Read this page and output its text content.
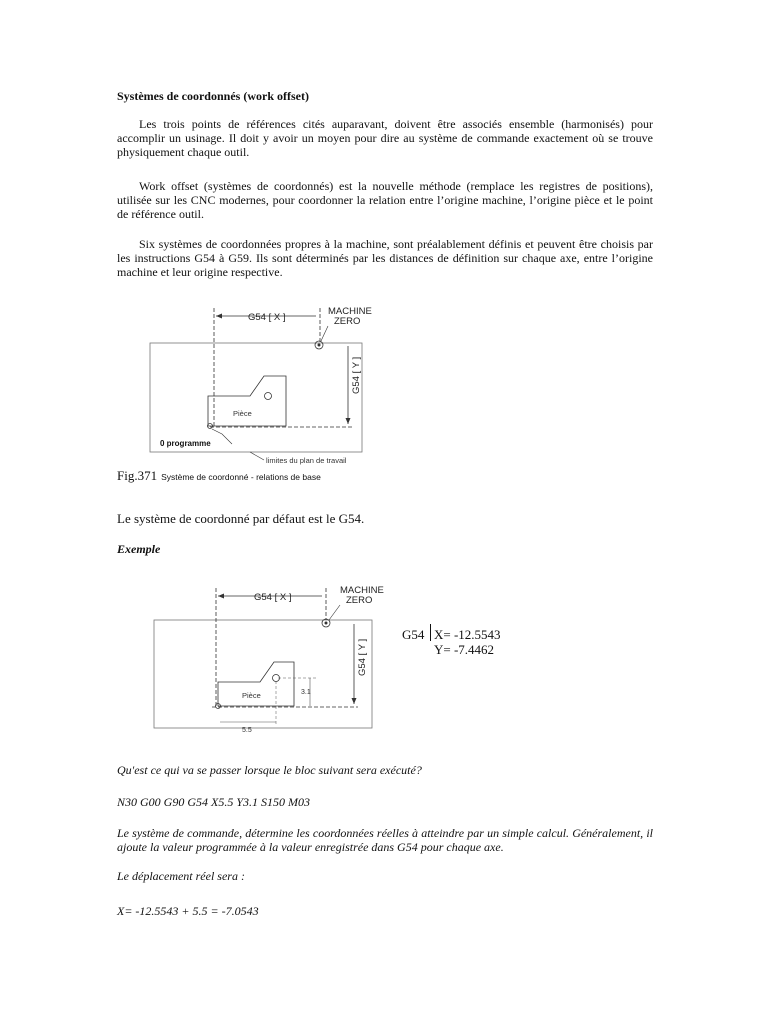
Systèmes de coordonnés (work offset)
Les trois points de références cités auparavant, doivent être associés ensemble (harmonisés) pour accomplir un usinage. Il doit y avoir un moyen pour dire au système de commande exactement où se trouve physiquement chaque outil.
Work offset (systèmes de coordonnés) est la nouvelle méthode (remplace les registres de positions), utilisée sur les CNC modernes, pour coordonner la relation entre l’origine machine, l’origine pièce et le point de référence outil.
Six systèmes de coordonnées propres à la machine, sont préalablement définis et peuvent être choisis par les instructions G54 à G59. Ils sont déterminés par les distances de définition sur chaque axe, entre l’origine machine et leur origine respective.
G54 [ X ]
MACHINE
ZERO
G54 [ Y ]
Pièce
0 programme
limites du plan de travail
Fig.371 Système de coordonné - relations de base
Le système de coordonné par défaut est le G54.
Exemple
G54 [ X ]
MACHINE
ZERO
G54 [ Y ]
Pièce	3.1
5.5
G54 X= -12.5543
Y= -7.4462
Qu'est ce qui va se passer lorsque le bloc suivant sera exécuté?
N30 G00 G90 G54 X5.5 Y3.1 S150 M03
Le système de commande, détermine les coordonnées réelles à atteindre par un simple calcul. Généralement, il ajoute la valeur programmée à la valeur enregistrée dans G54 pour chaque axe.
Le déplacement réel sera :
X= -12.5543 + 5.5 = -7.0543
